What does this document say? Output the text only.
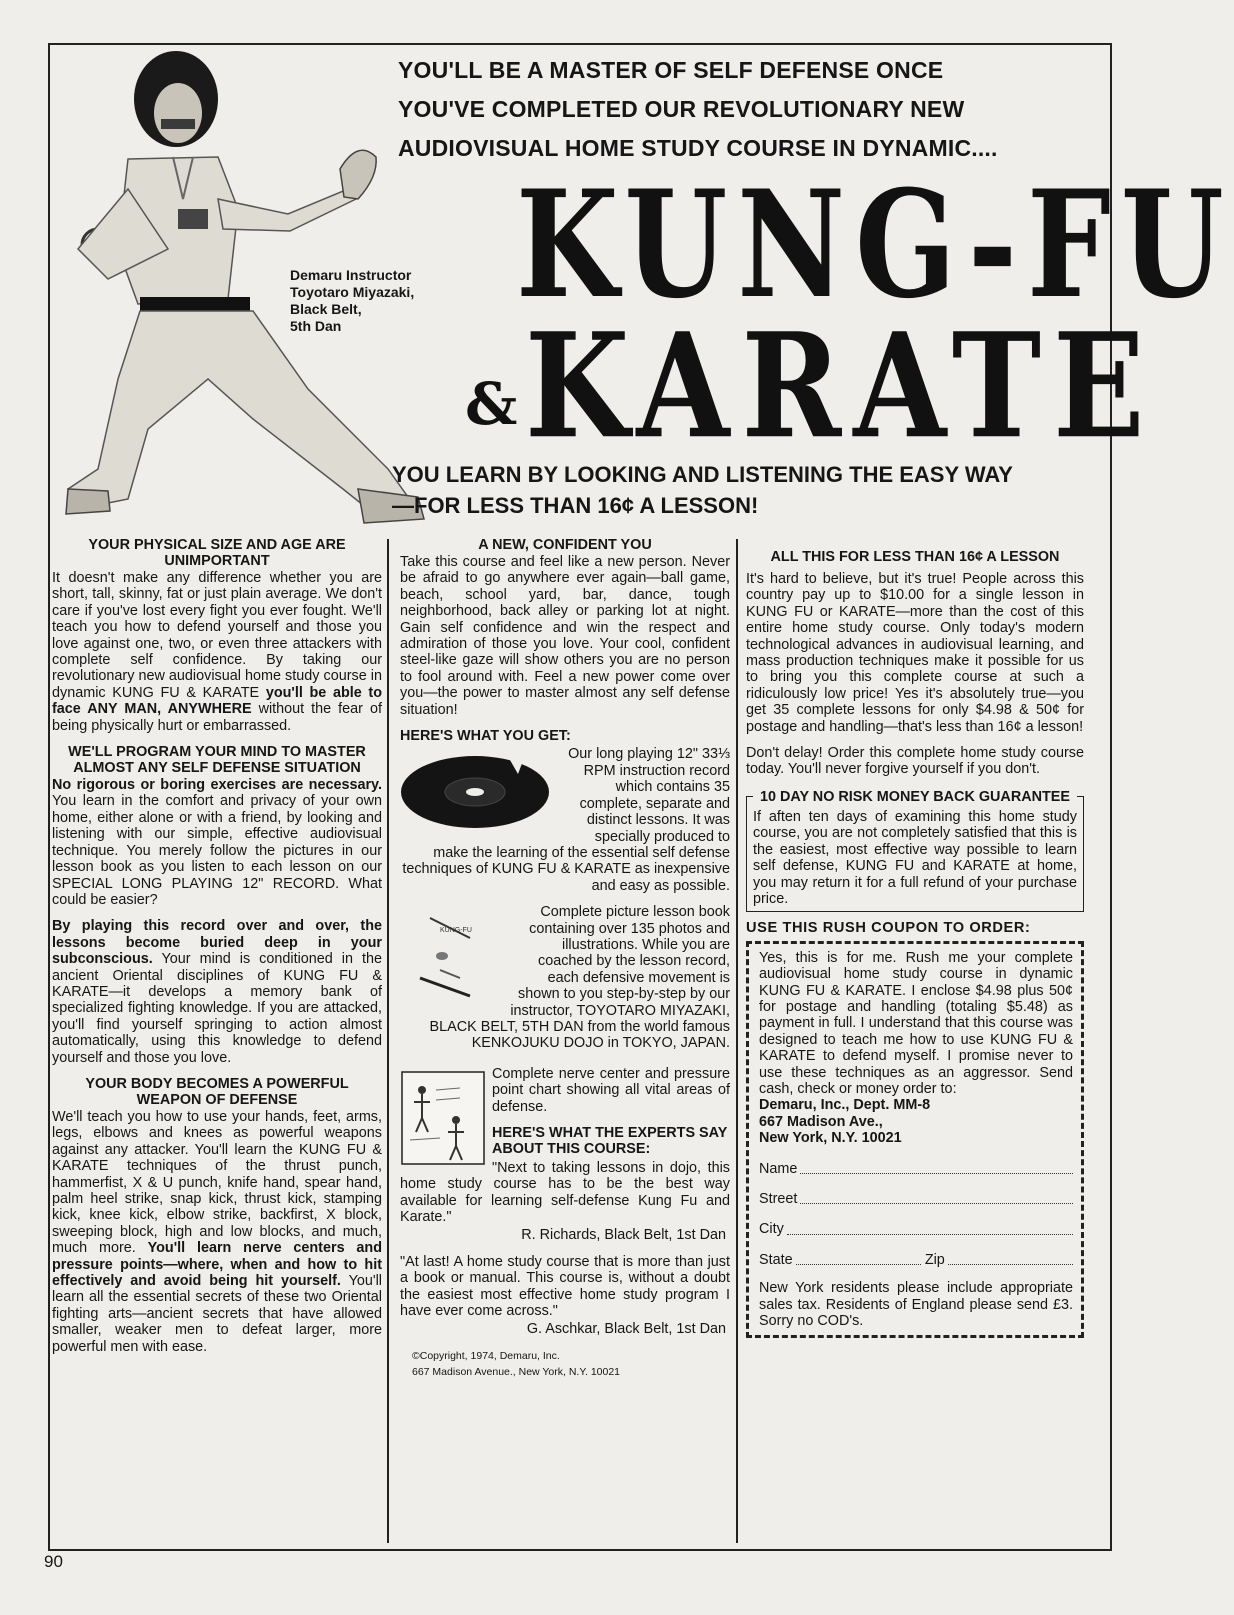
Demaru Instructor
Toyotaro Miyazaki,
Black Belt,
5th Dan
YOU'LL BE A MASTER OF SELF DEFENSE ONCE
YOU'VE COMPLETED OUR REVOLUTIONARY NEW
AUDIOVISUAL HOME STUDY COURSE IN DYNAMIC....
KUNG-FU
& KARATE
YOU LEARN BY LOOKING AND LISTENING THE EASY WAY
—FOR LESS THAN 16¢ A LESSON!
YOUR PHYSICAL SIZE AND AGE ARE UNIMPORTANT

It doesn't make any difference whether you are short, tall, skinny, fat or just plain average. We don't care if you've lost every fight you ever fought. We'll teach you how to defend yourself and those you love against one, two, or even three attackers with complete self confidence. By taking our revolutionary new audiovisual home study course in dynamic KUNG FU & KARATE you'll be able to face ANY MAN, ANYWHERE without the fear of being physically hurt or embarrassed.

WE'LL PROGRAM YOUR MIND TO MASTER ALMOST ANY SELF DEFENSE SITUATION

No rigorous or boring exercises are necessary. You learn in the comfort and privacy of your own home, either alone or with a friend, by looking and listening with our simple, effective audiovisual technique. You merely follow the pictures in our lesson book as you listen to each lesson on our SPECIAL LONG PLAYING 12" RECORD. What could be easier?

By playing this record over and over, the lessons become buried deep in your subconscious. Your mind is conditioned in the ancient Oriental disciplines of KUNG FU & KARATE—it develops a memory bank of specialized fighting knowledge. If you are attacked, you'll find yourself springing to action almost automatically, using this knowledge to defend yourself and those you love.

YOUR BODY BECOMES A POWERFUL WEAPON OF DEFENSE

We'll teach you how to use your hands, feet, arms, legs, elbows and knees as powerful weapons against any attacker. You'll learn the KUNG FU & KARATE techniques of the thrust punch, hammerfist, X & U punch, knife hand, spear hand, palm heel strike, snap kick, thrust kick, stamping kick, knee kick, elbow strike, backfirst, X block, sweeping block, high and low blocks, and much, much more. You'll learn nerve centers and pressure points—where, when and how to hit effectively and avoid being hit yourself. You'll learn all the essential secrets of these two Oriental fighting arts—ancient secrets that have allowed smaller, weaker men to defeat larger, more powerful men with ease.

A NEW, CONFIDENT YOU

Take this course and feel like a new person. Never be afraid to go anywhere ever again—ball game, beach, school yard, bar, dance, tough neighborhood, back alley or parking lot at night. Gain self confidence and win the respect and admiration of those you love. Your cool, confident steel-like gaze will show others you are no person to fool around with. Feel a new power come over you—the power to master almost any self defense situation!

HERE'S WHAT YOU GET:

Our long playing 12" 33⅓ RPM instruction record which contains 35 complete, separate and distinct lessons. It was specially produced to make the learning of the essential self defense techniques of KUNG FU & KARATE as inexpensive and easy as possible.

KUNG-FU

Complete picture lesson book containing over 135 photos and illustrations. While you are coached by the lesson record, each defensive movement is shown to you step-by-step by our instructor, TOYOTARO MIYAZAKI, BLACK BELT, 5TH DAN from the world famous KENKOJUKU DOJO in TOKYO, JAPAN.

Complete nerve center and pressure point chart showing all vital areas of defense.

HERE'S WHAT THE EXPERTS SAY ABOUT THIS COURSE:

"Next to taking lessons in dojo, this home study course has to be the best way available for learning self-defense Kung Fu and Karate."

R. Richards, Black Belt, 1st Dan

"At last! A home study course that is more than just a book or manual. This course is, without a doubt the easiest most effective home study program I have ever come across."

G. Aschkar, Black Belt, 1st Dan
©Copyright, 1974, Demaru, Inc.
667 Madison Avenue., New York, N.Y. 10021
ALL THIS FOR LESS THAN 16¢ A LESSON

It's hard to believe, but it's true! People across this country pay up to $10.00 for a single lesson in KUNG FU or KARATE—more than the cost of this entire home study course. Only today's modern technological advances in audiovisual learning, and mass production techniques make it possible for us to bring you this complete course at such a ridiculously low price! Yes it's absolutely true—you get 35 complete lessons for only $4.98 & 50¢ for postage and handling—that's less than 16¢ a lesson!

Don't delay! Order this complete home study course today. You'll never forgive yourself if you don't.

10 DAY NO RISK MONEY BACK GUARANTEE

If aften ten days of examining this home study course, you are not completely satisfied that this is the easiest, most effective way possible to learn self defense, KUNG FU and KARATE at home, you may return it for a full refund of your purchase price.

USE THIS RUSH COUPON TO ORDER:

Yes, this is for me. Rush me your complete audiovisual home study course in dynamic KUNG FU & KARATE. I enclose $4.98 plus 50¢ for postage and handling (totaling $5.48) as payment in full. I understand that this course was designed to teach me how to use KUNG FU & KARATE to defend myself. I promise never to use these techniques as an aggressor. Send cash, check or money order to:

Demaru, Inc., Dept. MM-8
667 Madison Ave.,
New York, N.Y. 10021
Name
Street
City
State	Zip

New York residents please include appropriate sales tax. Residents of England please send £3. Sorry no COD's.

90
